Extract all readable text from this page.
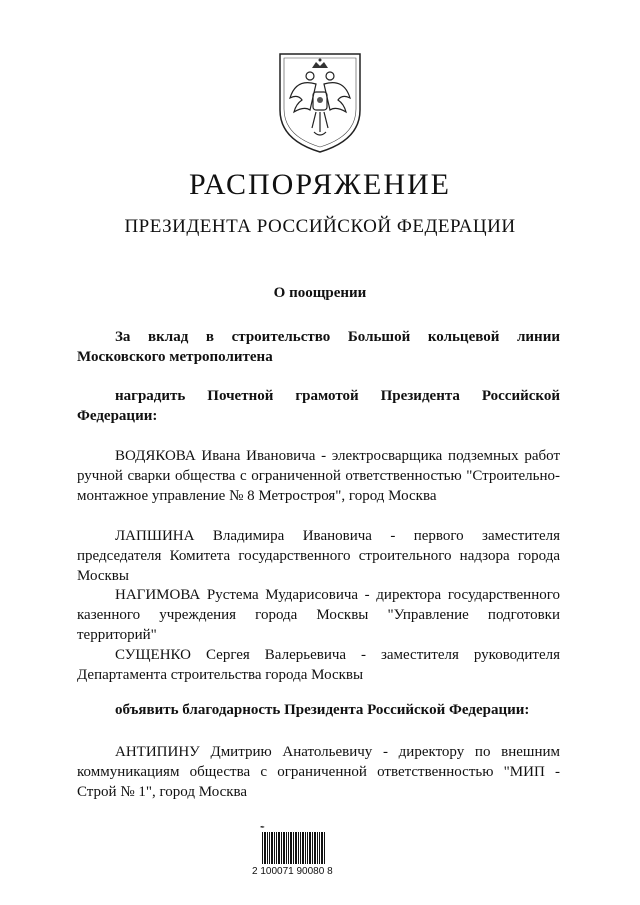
РАСПОРЯЖЕНИЕ
ПРЕЗИДЕНТА РОССИЙСКОЙ ФЕДЕРАЦИИ
О поощрении
За вклад в строительство Большой кольцевой линии Московского метрополитена
наградить Почетной грамотой Президента Российской Федерации:
ВОДЯКОВА Ивана Ивановича - электросварщика подземных работ ручной сварки общества с ограниченной ответственностью "Строительно-монтажное управление № 8 Метростроя", город Москва
ЛАПШИНА Владимира Ивановича - первого заместителя председателя Комитета государственного строительного надзора города Москвы
НАГИМОВА Рустема Мударисовича - директора государственного казенного учреждения города Москвы "Управление подготовки территорий"
СУЩЕНКО Сергея Валерьевича - заместителя руководителя Департамента строительства города Москвы
объявить благодарность Президента Российской Федерации:
АНТИПИНУ Дмитрию Анатольевичу - директору по внешним коммуникациям общества с ограниченной ответственностью "МИП - Строй № 1", город Москва
✒
2 100071 90080 8
